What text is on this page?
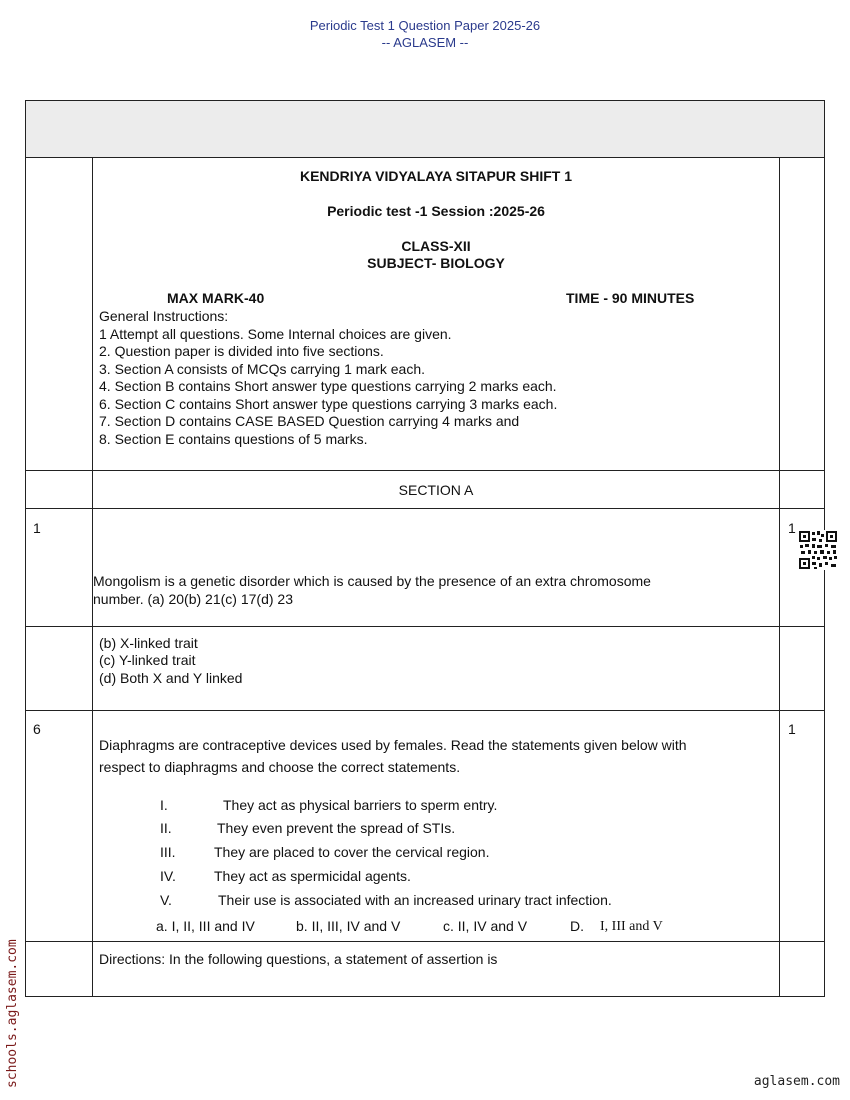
Periodic Test 1 Question Paper 2025-26
-- AGLASEM --
KENDRIYA VIDYALAYA SITAPUR SHIFT 1
Periodic test -1 Session :2025-26
CLASS-XII
SUBJECT- BIOLOGY
MAX MARK-40	TIME - 90 MINUTES
General Instructions:
1 Attempt all questions. Some Internal choices are given.
2. Question paper is divided into five sections.
3. Section A consists of MCQs carrying 1 mark each.
4. Section B contains Short answer type questions carrying 2 marks each.
6. Section C contains Short answer type questions carrying 3 marks each.
7. Section D contains CASE BASED Question carrying 4 marks and
8. Section E contains questions of 5 marks.
SECTION A
1	1
Mongolism is a genetic disorder which is caused by the presence of an extra chromosome
number. (a) 20(b) 21(c) 17(d) 23
(b) X-linked trait
(c) Y-linked trait
(d) Both X and Y linked
6	1
Diaphragms are contraceptive devices used by females. Read the statements given below with
respect to diaphragms and choose the correct statements.
I.	They act as physical barriers to sperm entry.
II.	They even prevent the spread of STIs.
III.	They are placed to cover the cervical region.
IV.	They act as spermicidal agents.
V.	Their use is associated with an increased urinary tract infection.
a. I, II, III and IV	b. II, III, IV and V	c. II, IV and V	D. I, III and V
Directions: In the following questions, a statement of assertion is
schools.aglasem.com	aglasem.com
